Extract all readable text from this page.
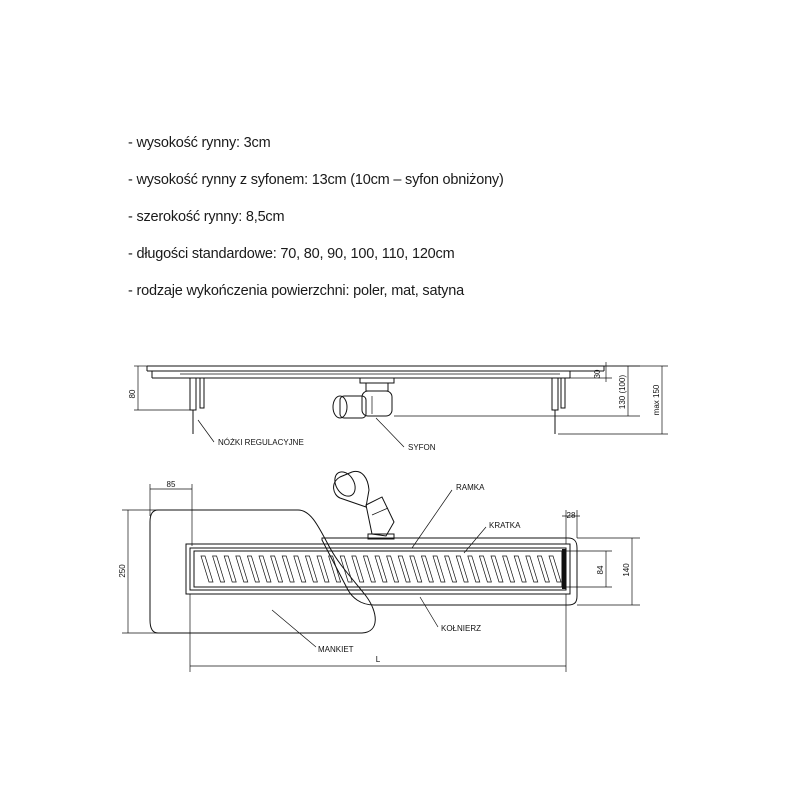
- wysokość rynny: 3cm
- wysokość rynny z syfonem: 13cm (10cm – syfon obniżony)
- szerokość rynny: 8,5cm
- długości standardowe: 70, 80, 90, 100, 110, 120cm
- rodzaje wykończenia powierzchni: poler, mat, satyna
80
30
130 (100)	max 150
NÓŻKI REGULACYJNE
SYFON
85
250
28
84 140
L
RAMKA
KRATKA
KOŁNIERZ
MANKIET
